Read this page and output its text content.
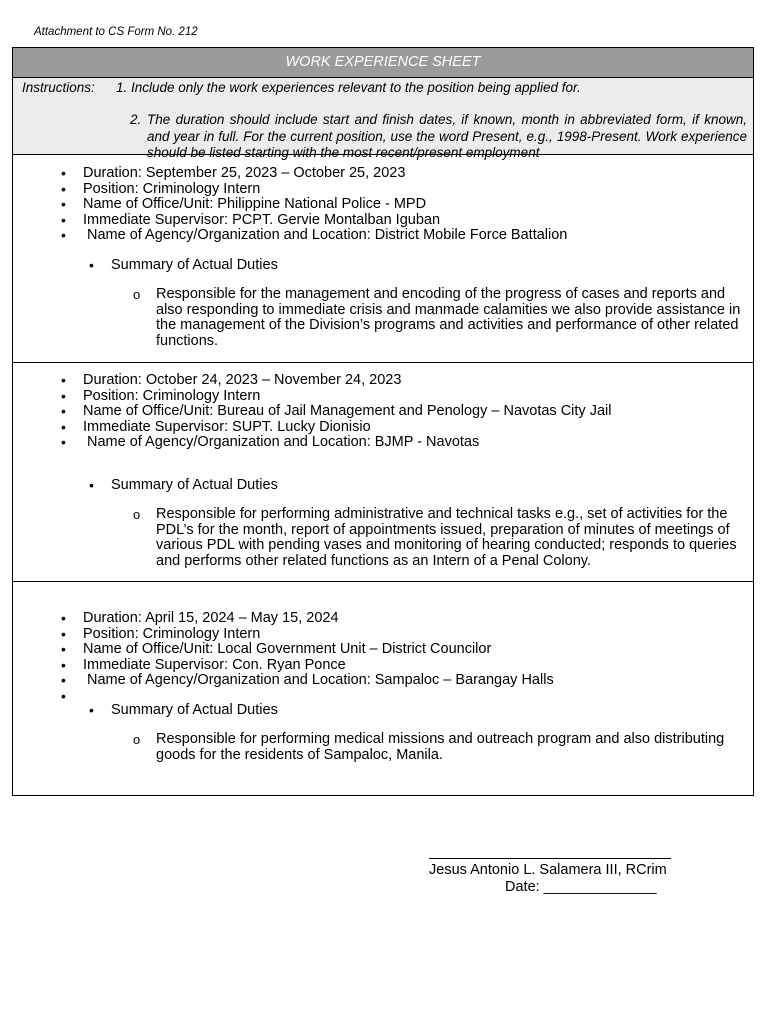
Attachment to CS Form No. 212
WORK EXPERIENCE SHEET
Instructions:	1. Include only the work experiences relevant to the position being applied for.
2. The duration should include start and finish dates, if known, month in abbreviated form, if known, and year in full. For the current position, use the word Present, e.g., 1998-Present. Work experience should be listed starting with the most recent/present employment
• Duration: September 25, 2023 – October 25, 2023
• Position: Criminology Intern
• Name of Office/Unit: Philippine National Police - MPD
• Immediate Supervisor: PCPT. Gervie Montalban Iguban
• Name of Agency/Organization and Location: District Mobile Force Battalion
• Summary of Actual Duties
o Responsible for the management and encoding of the progress of cases and reports and also responding to immediate crisis and manmade calamities we also provide assistance in the management of the Division’s programs and activities and performance of other related functions.
• Duration: October 24, 2023 – November 24, 2023
• Position: Criminology Intern
• Name of Office/Unit: Bureau of Jail Management and Penology – Navotas City Jail
• Immediate Supervisor: SUPT. Lucky Dionisio
• Name of Agency/Organization and Location: BJMP - Navotas
• Summary of Actual Duties
o Responsible for performing administrative and technical tasks e.g., set of activities for the PDL’s for the month, report of appointments issued, preparation of minutes of meetings of various PDL with pending vases and monitoring of hearing conducted; responds to queries and performs other related functions as an Intern of a Penal Colony.
• Duration: April 15, 2024 – May 15, 2024
• Position: Criminology Intern
• Name of Office/Unit: Local Government Unit – District Councilor
• Immediate Supervisor: Con. Ryan Ponce
• Name of Agency/Organization and Location: Sampaloc – Barangay Halls
•
• Summary of Actual Duties
o Responsible for performing medical missions and outreach program and also distributing goods for the residents of Sampaloc, Manila.
Jesus Antonio L. Salamera III, RCrim
Date: ______________
